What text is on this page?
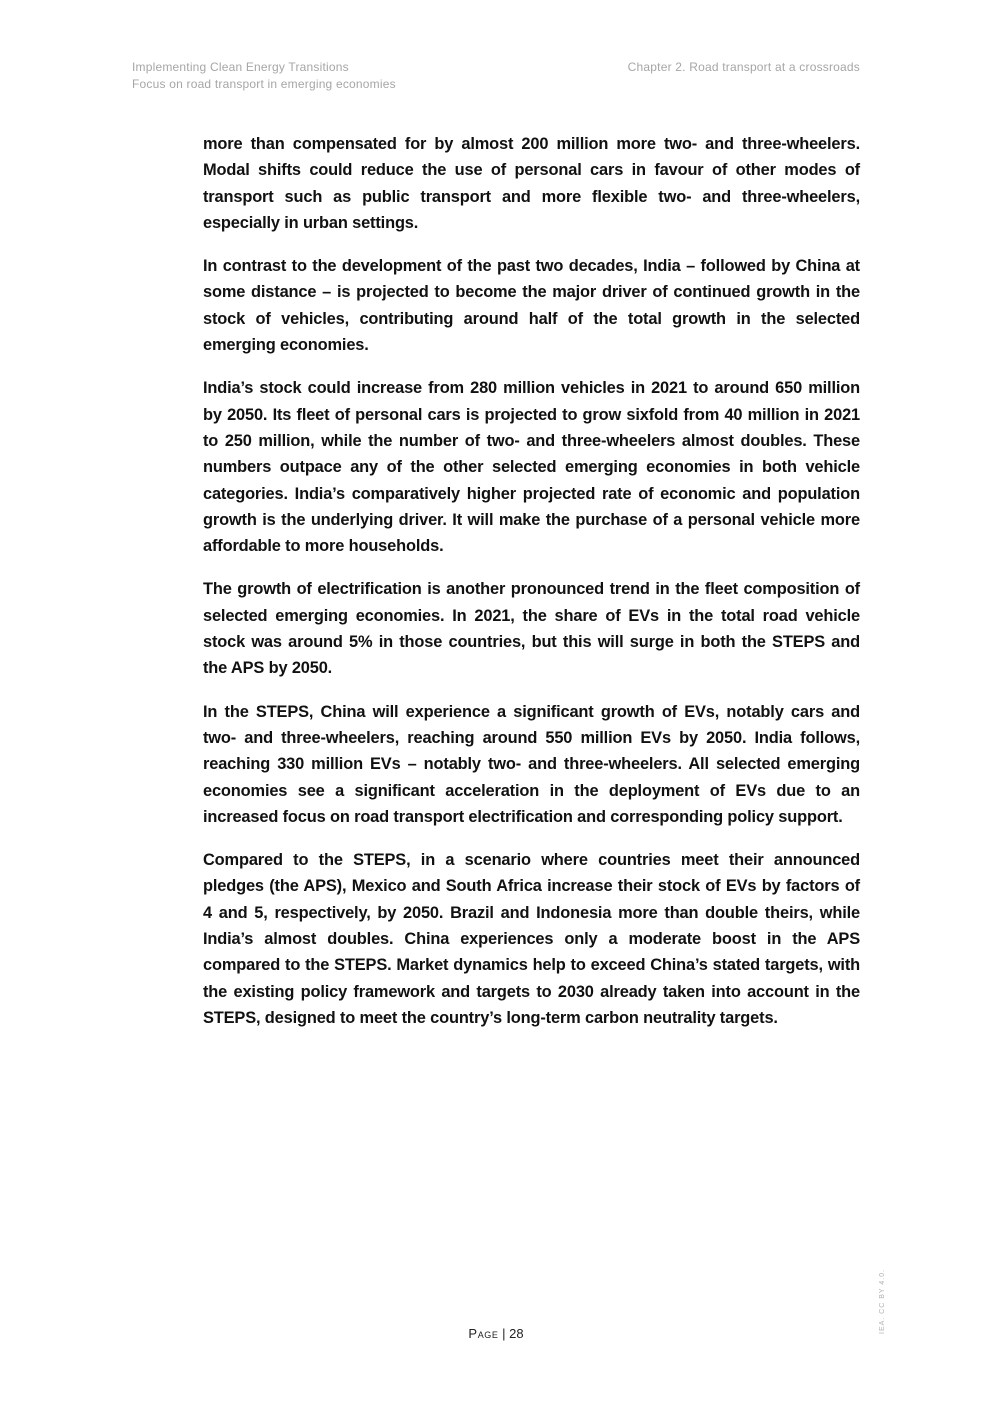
Implementing Clean Energy Transitions
Focus on road transport in emerging economies
Chapter 2. Road transport at a crossroads

more than compensated for by almost 200 million more two- and three-wheelers. Modal shifts could reduce the use of personal cars in favour of other modes of transport such as public transport and more flexible two- and three-wheelers, especially in urban settings.

In contrast to the development of the past two decades, India – followed by China at some distance – is projected to become the major driver of continued growth in the stock of vehicles, contributing around half of the total growth in the selected emerging economies.

India’s stock could increase from 280 million vehicles in 2021 to around 650 million by 2050. Its fleet of personal cars is projected to grow sixfold from 40 million in 2021 to 250 million, while the number of two- and three-wheelers almost doubles. These numbers outpace any of the other selected emerging economies in both vehicle categories. India’s comparatively higher projected rate of economic and population growth is the underlying driver. It will make the purchase of a personal vehicle more affordable to more households.

The growth of electrification is another pronounced trend in the fleet composition of selected emerging economies. In 2021, the share of EVs in the total road vehicle stock was around 5% in those countries, but this will surge in both the STEPS and the APS by 2050.

In the STEPS, China will experience a significant growth of EVs, notably cars and two- and three-wheelers, reaching around 550 million EVs by 2050. India follows, reaching 330 million EVs – notably two- and three-wheelers. All selected emerging economies see a significant acceleration in the deployment of EVs due to an increased focus on road transport electrification and corresponding policy support.

Compared to the STEPS, in a scenario where countries meet their announced pledges (the APS), Mexico and South Africa increase their stock of EVs by factors of 4 and 5, respectively, by 2050. Brazil and Indonesia more than double theirs, while India’s almost doubles. China experiences only a moderate boost in the APS compared to the STEPS. Market dynamics help to exceed China’s stated targets, with the existing policy framework and targets to 2030 already taken into account in the STEPS, designed to meet the country’s long-term carbon neutrality targets.

Page | 28	IEA. CC BY 4.0.
